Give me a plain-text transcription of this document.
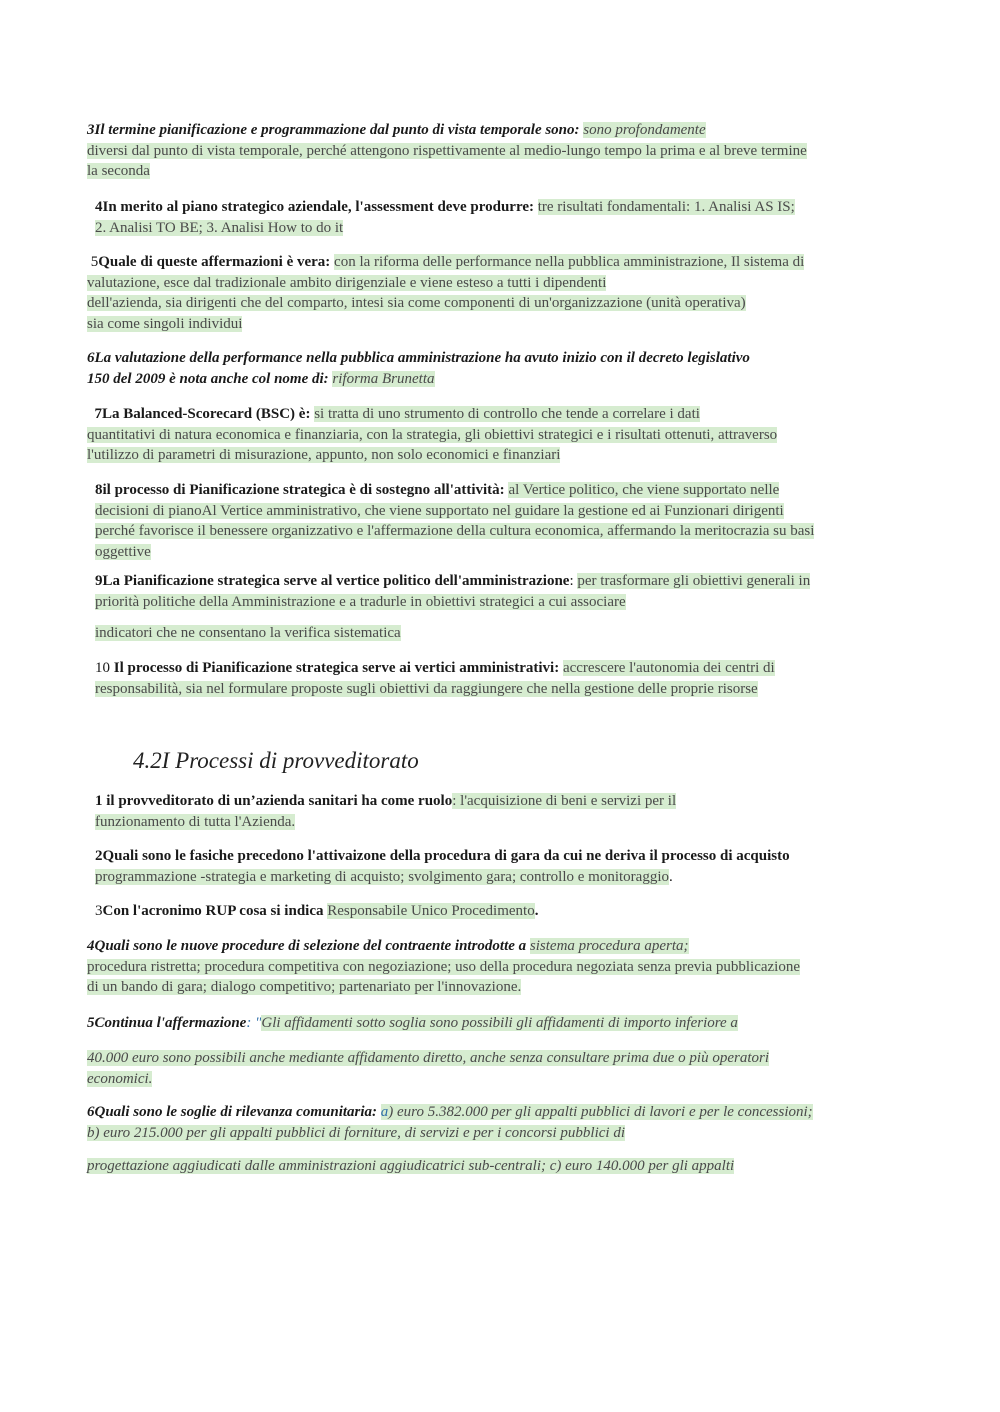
3Il termine pianificazione e programmazione dal punto di vista temporale sono: sono profondamente
diversi dal punto di vista temporale, perché attengono rispettivamente al medio-lungo tempo la prima e al breve termine
la seconda
4In merito al piano strategico aziendale, l'assessment deve produrre: tre risultati fondamentali: 1. Analisi AS IS;
2. Analisi TO BE; 3. Analisi How to do it
5Quale di queste affermazioni è vera: con la riforma delle performance nella pubblica amministrazione, Il sistema di
valutazione, esce dal tradizionale ambito dirigenziale e viene esteso a tutti i dipendenti
dell'azienda, sia dirigenti che del comparto, intesi sia come componenti di un'organizzazione (unità operativa)
sia come singoli individui
6La valutazione della performance nella pubblica amministrazione ha avuto inizio con il decreto legislativo
150 del 2009 è nota anche col nome di: riforma Brunetta
7La Balanced-Scorecard (BSC) è: si tratta di uno strumento di controllo che tende a correlare i dati
quantitativi di natura economica e finanziaria, con la strategia, gli obiettivi strategici e i risultati ottenuti, attraverso
l'utilizzo di parametri di misurazione, appunto, non solo economici e finanziari
8il processo di Pianificazione strategica è di sostegno all'attività: al Vertice politico, che viene supportato nelle
decisioni di pianoAl Vertice amministrativo, che viene supportato nel guidare la gestione ed ai Funzionari dirigenti
perché favorisce il benessere organizzativo e l'affermazione della cultura economica, affermando la meritocrazia su basi
oggettive
9La Pianificazione strategica serve al vertice politico dell'amministrazione: per trasformare gli obiettivi generali in
priorità politiche della Amministrazione e a tradurle in obiettivi strategici a cui associare
indicatori che ne consentano la verifica sistematica
10 Il processo di Pianificazione strategica serve ai vertici amministrativi: accrescere l'autonomia dei centri di
responsabilità, sia nel formulare proposte sugli obiettivi da raggiungere che nella gestione delle proprie risorse
4.2I Processi di provveditorato
1 il provveditorato di un’azienda sanitari ha come ruolo: l'acquisizione di beni e servizi per il
funzionamento di tutta l'Azienda.
2Quali sono le fasiche precedono l'attivaizone della procedura di gara da cui ne deriva il processo di acquisto
programmazione -strategia e marketing di acquisto; svolgimento gara; controllo e monitoraggio.
3Con l'acronimo RUP cosa si indica Responsabile Unico Procedimento.
4Quali sono le nuove procedure di selezione del contraente introdotte a sistema procedura aperta;
procedura ristretta; procedura competitiva con negoziazione; uso della procedura negoziata senza previa pubblicazione
di un bando di gara; dialogo competitivo; partenariato per l'innovazione.
5Continua l'affermazione: "Gli affidamenti sotto soglia sono possibili gli affidamenti di importo inferiore a
40.000 euro sono possibili anche mediante affidamento diretto, anche senza consultare prima due o più operatori
economici.
6Quali sono le soglie di rilevanza comunitaria: a) euro 5.382.000 per gli appalti pubblici di lavori e per le concessioni;
b) euro 215.000 per gli appalti pubblici di forniture, di servizi e per i concorsi pubblici di
progettazione aggiudicati dalle amministrazioni aggiudicatrici sub-centrali; c) euro 140.000 per gli appalti
